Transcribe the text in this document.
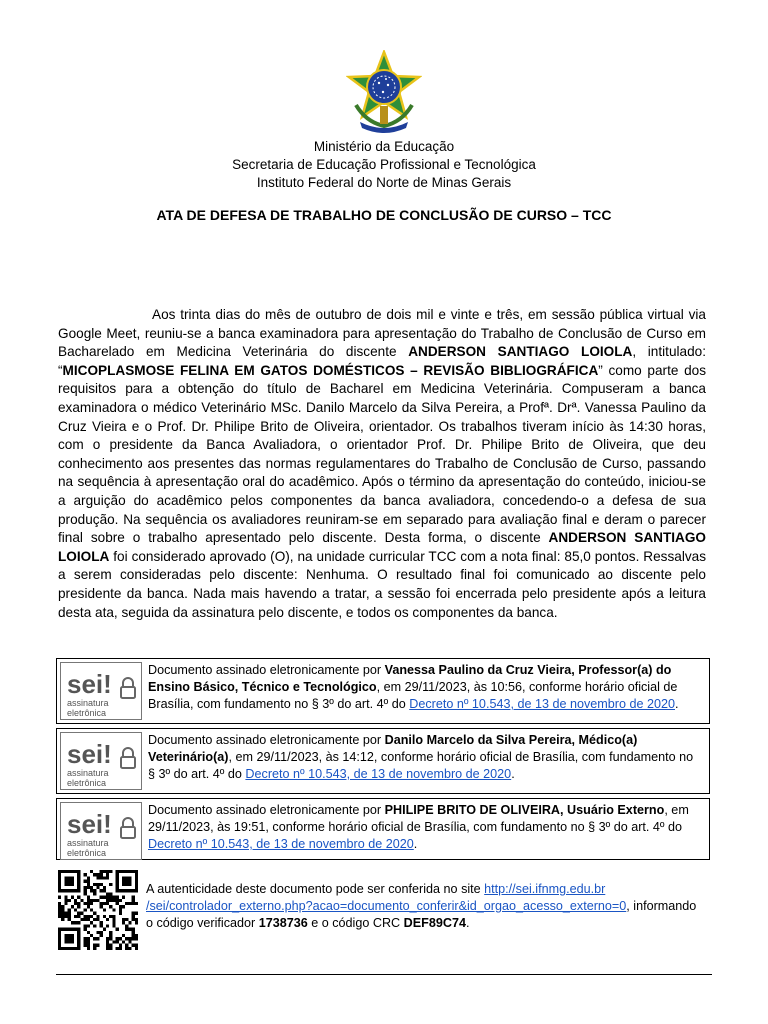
Ministério da Educação
Secretaria de Educação Profissional e Tecnológica
Instituto Federal do Norte de Minas Gerais
ATA DE DEFESA DE TRABALHO DE CONCLUSÃO DE CURSO – TCC

Aos trinta dias do mês de outubro de dois mil e vinte e três, em sessão pública virtual via Google Meet, reuniu-se a banca examinadora para apresentação do Trabalho de Conclusão de Curso em Bacharelado em Medicina Veterinária do discente ANDERSON SANTIAGO LOIOLA, intitulado: “MICOPLASMOSE FELINA EM GATOS DOMÉSTICOS – REVISÃO BIBLIOGRÁFICA” como parte dos requisitos para a obtenção do título de Bacharel em Medicina Veterinária. Compuseram a banca examinadora o médico Veterinário MSc. Danilo Marcelo da Silva Pereira, a Profª. Drª. Vanessa Paulino da Cruz Vieira e o Prof. Dr. Philipe Brito de Oliveira, orientador. Os trabalhos tiveram início às 14:30 horas, com o presidente da Banca Avaliadora, o orientador Prof. Dr. Philipe Brito de Oliveira, que deu conhecimento aos presentes das normas regulamentares do Trabalho de Conclusão de Curso, passando na sequência à apresentação oral do acadêmico. Após o término da apresentação do conteúdo, iniciou-se a arguição do acadêmico pelos componentes da banca avaliadora, concedendo-o a defesa de sua produção. Na sequência os avaliadores reuniram-se em separado para avaliação final e deram o parecer final sobre o trabalho apresentado pelo discente. Desta forma, o discente ANDERSON SANTIAGO LOIOLA foi considerado aprovado (O), na unidade curricular TCC com a nota final: 85,0 pontos. Ressalvas a serem consideradas pelo discente: Nenhuma. O resultado final foi comunicado ao discente pelo presidente da banca. Nada mais havendo a tratar, a sessão foi encerrada pelo presidente após a leitura desta ata, seguida da assinatura pelo discente, e todos os componentes da banca.

sei!
assinatura
eletrônica
Documento assinado eletronicamente por Vanessa Paulino da Cruz Vieira, Professor(a) do Ensino Básico, Técnico e Tecnológico, em 29/11/2023, às 10:56, conforme horário oficial de Brasília, com fundamento no § 3º do art. 4º do Decreto nº 10.543, de 13 de novembro de 2020.
sei!
assinatura
eletrônica
Documento assinado eletronicamente por Danilo Marcelo da Silva Pereira, Médico(a) Veterinário(a), em 29/11/2023, às 14:12, conforme horário oficial de Brasília, com fundamento no § 3º do art. 4º do Decreto nº 10.543, de 13 de novembro de 2020.
sei!
assinatura
eletrônica
Documento assinado eletronicamente por PHILIPE BRITO DE OLIVEIRA, Usuário Externo, em 29/11/2023, às 19:51, conforme horário oficial de Brasília, com fundamento no § 3º do art. 4º do Decreto nº 10.543, de 13 de novembro de 2020.
A autenticidade deste documento pode ser conferida no site http://sei.ifnmg.edu.br
/sei/controlador_externo.php?acao=documento_conferir&id_orgao_acesso_externo=0, informando o código verificador 1738736 e o código CRC DEF89C74.
